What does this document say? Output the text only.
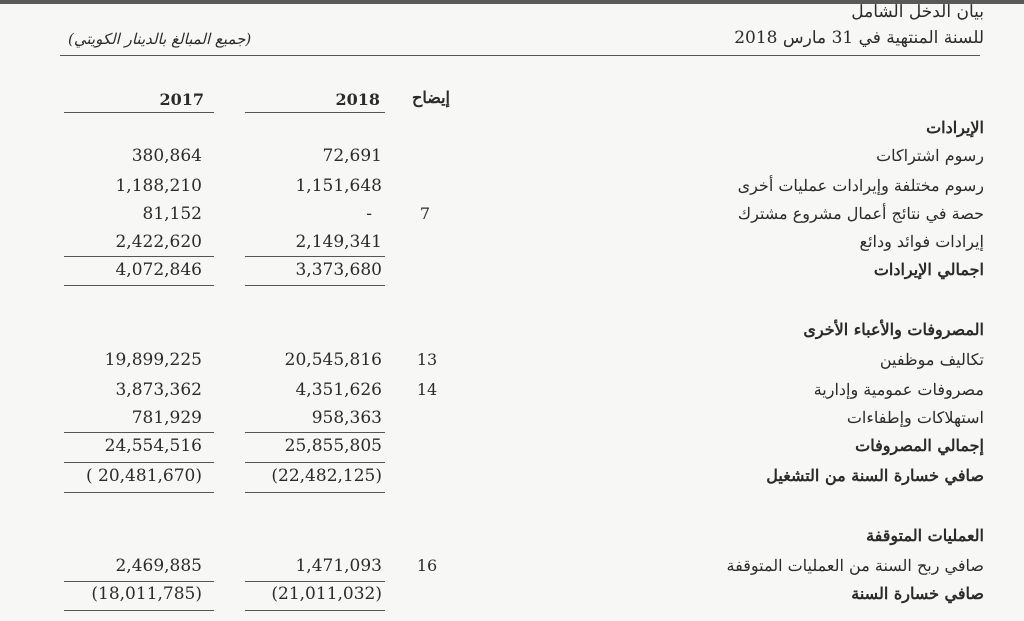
بيان الدخل الشامل
للسنة المنتهية في 31 مارس 2018
(جميع المبالغ بالدينار الكويتي)
2018
2017	إيضاح
الإيرادات
المصروفات والأعباء الأخرى
العمليات المتوقفة
رسوم اشتراكات
72,691
380,864
رسوم مختلفة وإيرادات عمليات أخرى
1,151,648
1,188,210
حصة في نتائج أعمال مشروع مشترك
7
-
81,152
إيرادات فوائد ودائع
2,149,341
2,422,620
اجمالي الإيرادات
3,373,680
4,072,846
تكاليف موظفين
13
20,545,816
19,899,225
مصروفات عمومية وإدارية
14
4,351,626
3,873,362
استهلاكات وإطفاءات
958,363
781,929
إجمالي المصروفات
25,855,805
24,554,516
صافي خسارة السنة من التشغيل
(22,482,125)
( 20,481,670)
صافي ربح السنة من العمليات المتوقفة
16
1,471,093
2,469,885
صافي خسارة السنة
(21,011,032)
(18,011,785)
